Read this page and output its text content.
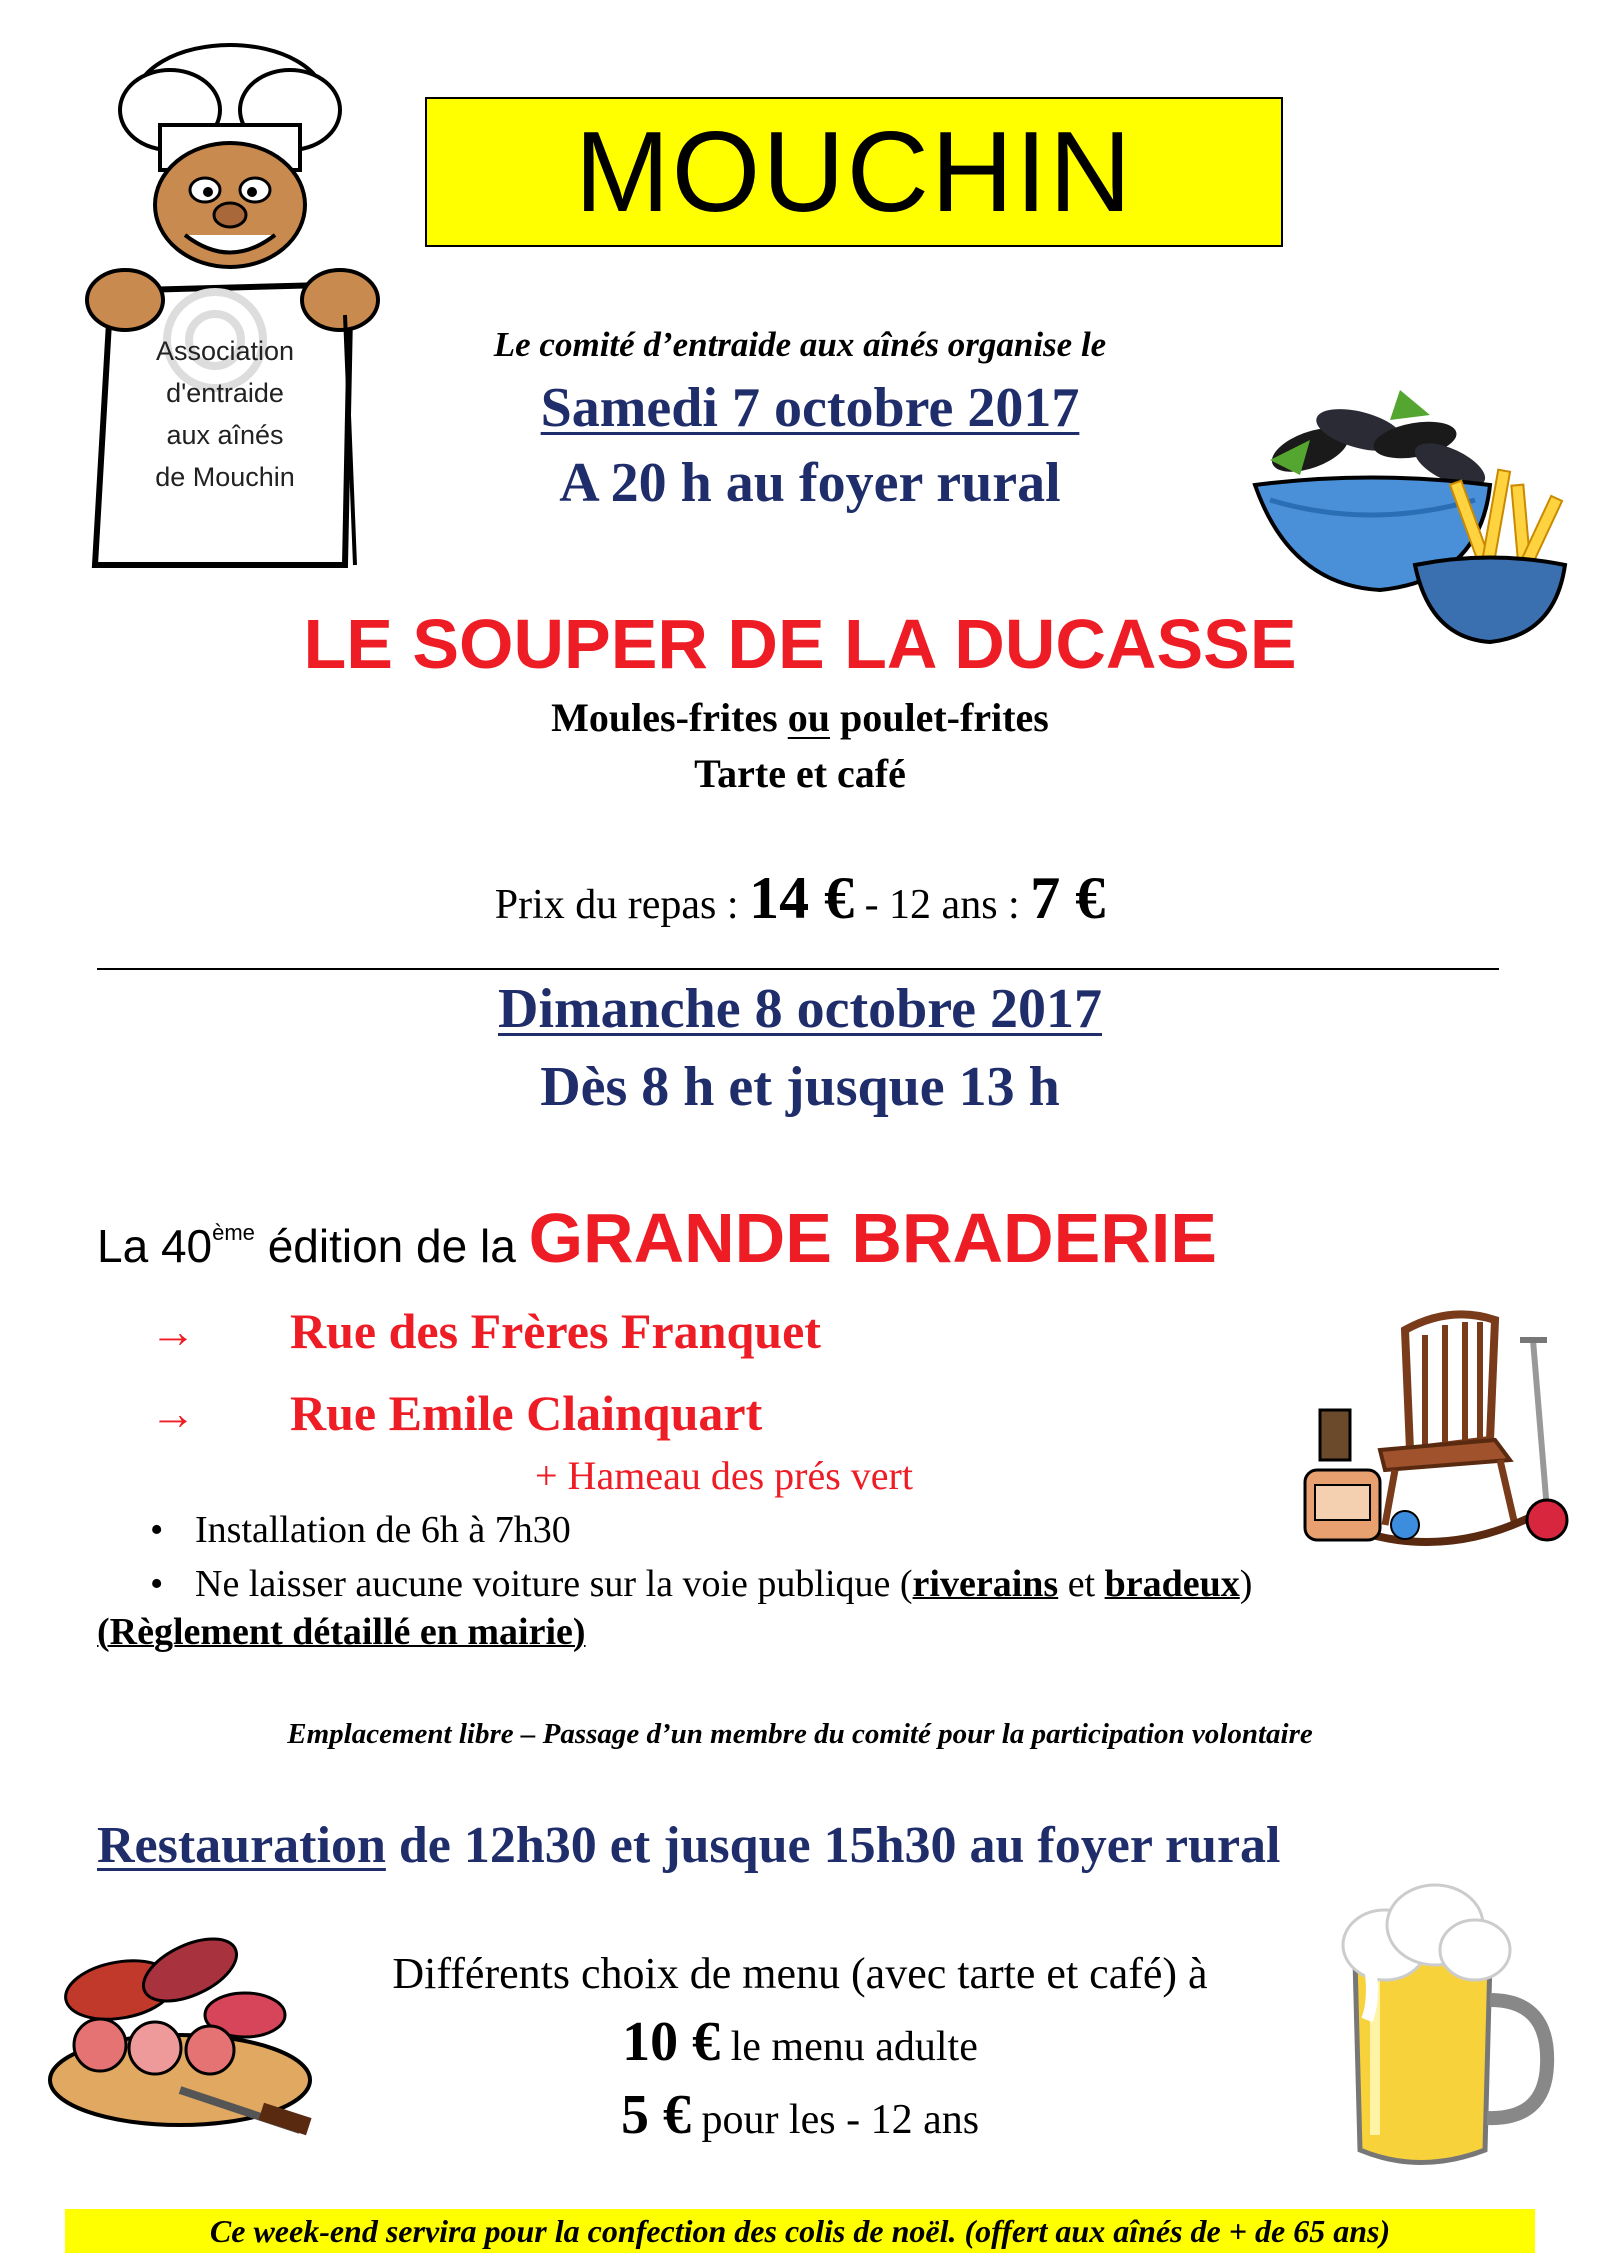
Association
d'entraide
aux aînés
de Mouchin
MOUCHIN
Le comité d’entraide aux aînés organise le
Samedi 7 octobre 2017
A 20 h au foyer rural
LE SOUPER DE LA DUCASSE
Moules-frites ou poulet-frites
Tarte et café
Prix du repas : 14 € - 12 ans : 7 €
Dimanche 8 octobre 2017
Dès 8 h et jusque 13 h
La 40ème édition de la GRANDE BRADERIE
→ Rue des Frères Franquet
→ Rue Emile Clainquart
+ Hameau des prés vert
• Installation de 6h à 7h30
• Ne laisser aucune voiture sur la voie publique (riverains et bradeux)
(Règlement détaillé en mairie)
Emplacement libre – Passage d’un membre du comité pour la participation volontaire
Restauration de 12h30 et jusque 15h30 au foyer rural
Différents choix de menu (avec tarte et café) à
10 € le menu adulte
5 € pour les - 12 ans
Ce week-end servira pour la confection des colis de noël. (offert aux aînés de + de 65 ans)
